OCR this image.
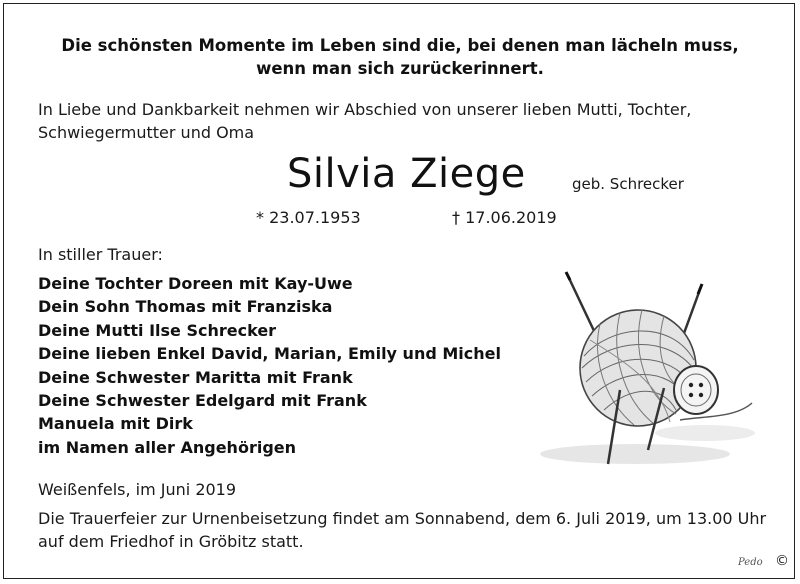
Die schönsten Momente im Leben sind die, bei denen man lächeln muss,
wenn man sich zurückerinnert.
In Liebe und Dankbarkeit nehmen wir Abschied von unserer lieben Mutti, Tochter, Schwiegermutter und Oma
Silvia Ziege	geb. Schrecker
* 23.07.1953	† 17.06.2019
In stiller Trauer:
Deine Tochter Doreen mit Kay-Uwe
Dein Sohn Thomas mit Franziska
Deine Mutti Ilse Schrecker
Deine lieben Enkel David, Marian, Emily und Michel
Deine Schwester Maritta mit Frank
Deine Schwester Edelgard mit Frank
Manuela mit Dirk
im Namen aller Angehörigen
Weißenfels, im Juni 2019
Die Trauerfeier zur Urnenbeisetzung findet am Sonnabend, dem 6. Juli 2019, um 13.00 Uhr auf dem Friedhof in Gröbitz statt.
Pedo ©
